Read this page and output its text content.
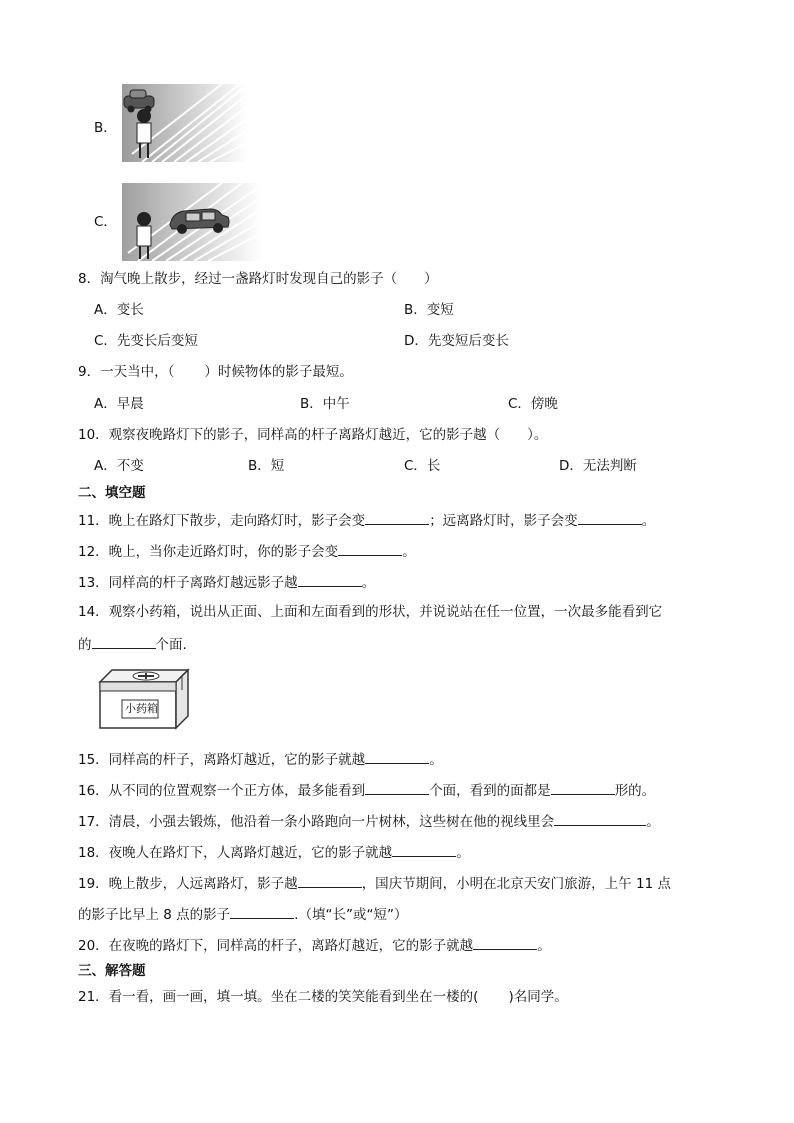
B．
C．
8．淘气晚上散步，经过一盏路灯时发现自己的影子（　　）
A．变长	B．变短
C．先变长后变短	D．先变短后变长
9．一天当中，（ ）时候物体的影子最短。
A．早晨	B．中午	C．傍晚
10．观察夜晚路灯下的影子，同样高的杆子离路灯越近，它的影子越（　　）。
A．不变	B．短	C．长	D．无法判断
二、填空题
11．晚上在路灯下散步，走向路灯时，影子会变	；远离路灯时，影子会变	。
12．晚上，当你走近路灯时，你的影子会变	。
13．同样高的杆子离路灯越远影子越	。
14．观察小药箱，说出从正面、上面和左面看到的形状，并说说站在任一位置，一次最多能看到它
的	个面.
小药箱
15．同样高的杆子，离路灯越近，它的影子就越	。
16．从不同的位置观察一个正方体，最多能看到	个面，看到的面都是	形的。
17．清晨，小强去锻炼，他沿着一条小路跑向一片树林，这些树在他的视线里会	。
18．夜晚人在路灯下，人离路灯越近，它的影子就越	。
19．晚上散步，人远离路灯，影子越	，国庆节期间，小明在北京天安门旅游，上午 11 点
的影子比早上 8 点的影子	.（填“长”或“短”）
20．在夜晚的路灯下，同样高的杆子，离路灯越近，它的影子就越	。
三、解答题
21．看一看，画一画，填一填。坐在二楼的笑笑能看到坐在一楼的( )名同学。
